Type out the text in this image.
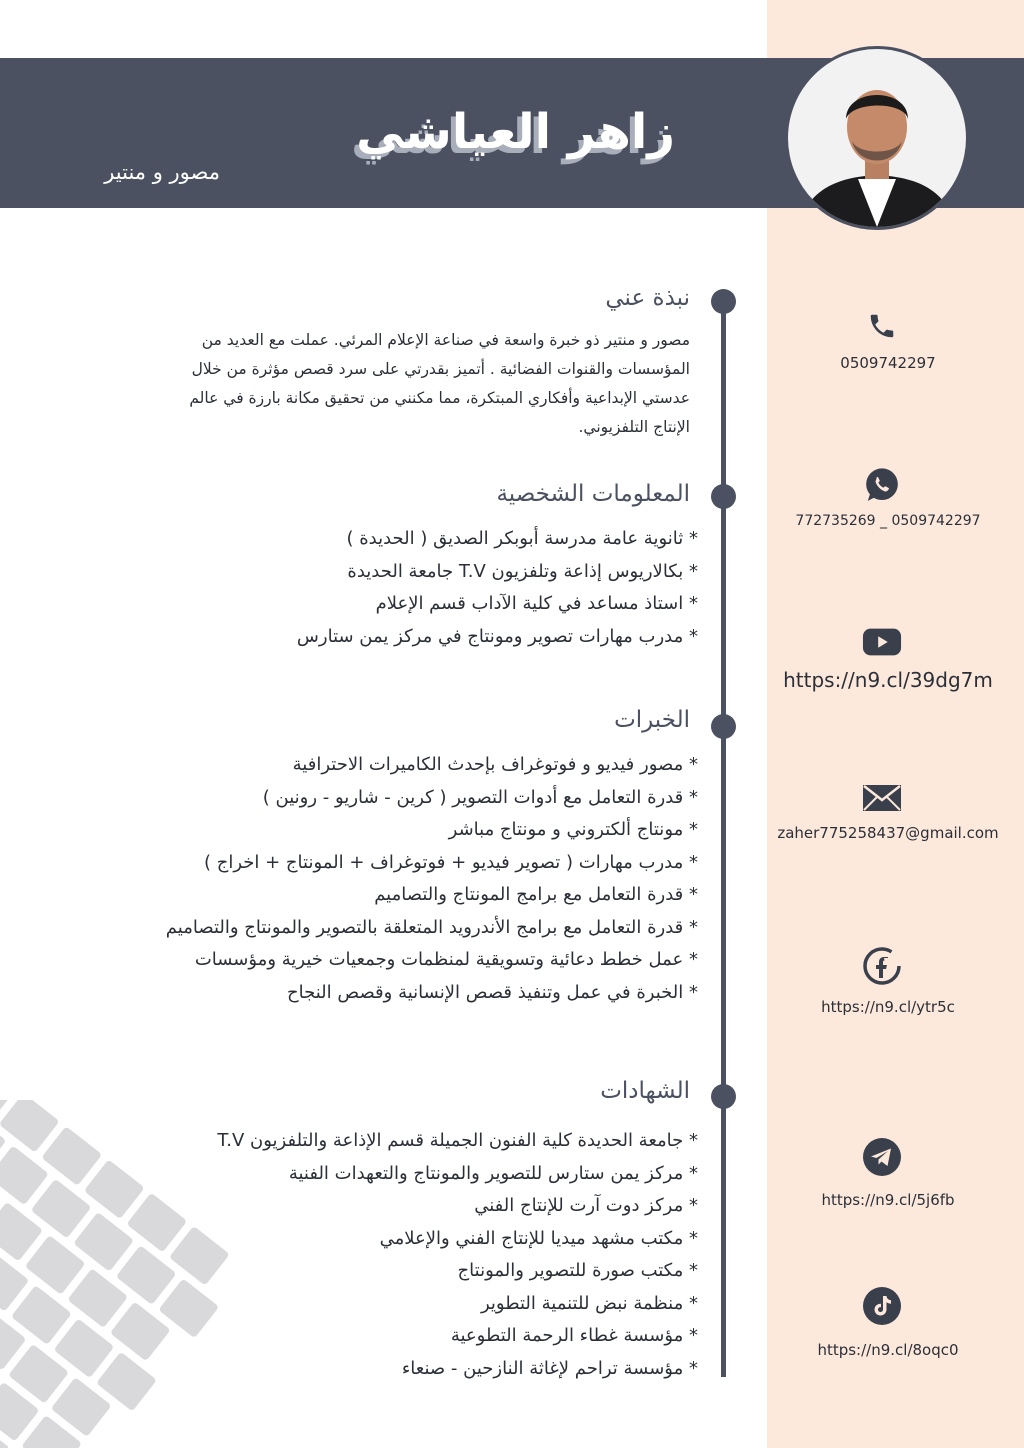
زاهر العياشي
مصور و منتير
نبذة عني
مصور و منتير ذو خبرة واسعة في صناعة الإعلام المرئي. عملت مع العديد من المؤسسات والقنوات الفضائية . أتميز بقدرتي على سرد قصص مؤثرة من خلال عدستي الإبداعية وأفكاري المبتكرة، مما مكنني من تحقيق مكانة بارزة في عالم الإنتاج التلفزيوني.
المعلومات الشخصية
* ثانوية عامة مدرسة أبوبكر الصديق ( الحديدة )
* بكالاريوس إذاعة وتلفزيون T.V جامعة الحديدة
* استاذ مساعد في كلية الآداب قسم الإعلام
* مدرب مهارات تصوير ومونتاج في مركز يمن ستارس
الخبرات
* مصور فيديو و فوتوغراف بإحدث الكاميرات الاحترافية
* قدرة التعامل مع أدوات التصوير ( كرين - شاريو - رونين )
* مونتاج ألكتروني و مونتاج مباشر
* مدرب مهارات ( تصوير فيديو + فوتوغراف + المونتاج + اخراج )
* قدرة التعامل مع برامج المونتاج والتصاميم
* قدرة التعامل مع برامج الأندرويد المتعلقة بالتصوير والمونتاج والتصاميم
* عمل خطط دعائية وتسويقية لمنظمات وجمعيات خيرية ومؤسسات
* الخبرة في عمل وتنفيذ قصص الإنسانية وقصص النجاح
الشهادات
* جامعة الحديدة كلية الفنون الجميلة قسم الإذاعة والتلفزيون T.V
* مركز يمن ستارس للتصوير والمونتاج والتعهدات الفنية
* مركز دوت آرت للإنتاج الفني
* مكتب مشهد ميديا للإنتاج الفني والإعلامي
* مكتب صورة للتصوير والمونتاج
* منظمة نبض للتنمية التطوير
* مؤسسة غطاء الرحمة التطوعية
* مؤسسة تراحم لإغاثة النازحين - صنعاء
0509742297
772735269 _ 0509742297
https://n9.cl/39dg7m
zaher775258437@gmail.com
https://n9.cl/ytr5c
https://n9.cl/5j6fb
https://n9.cl/8oqc0
